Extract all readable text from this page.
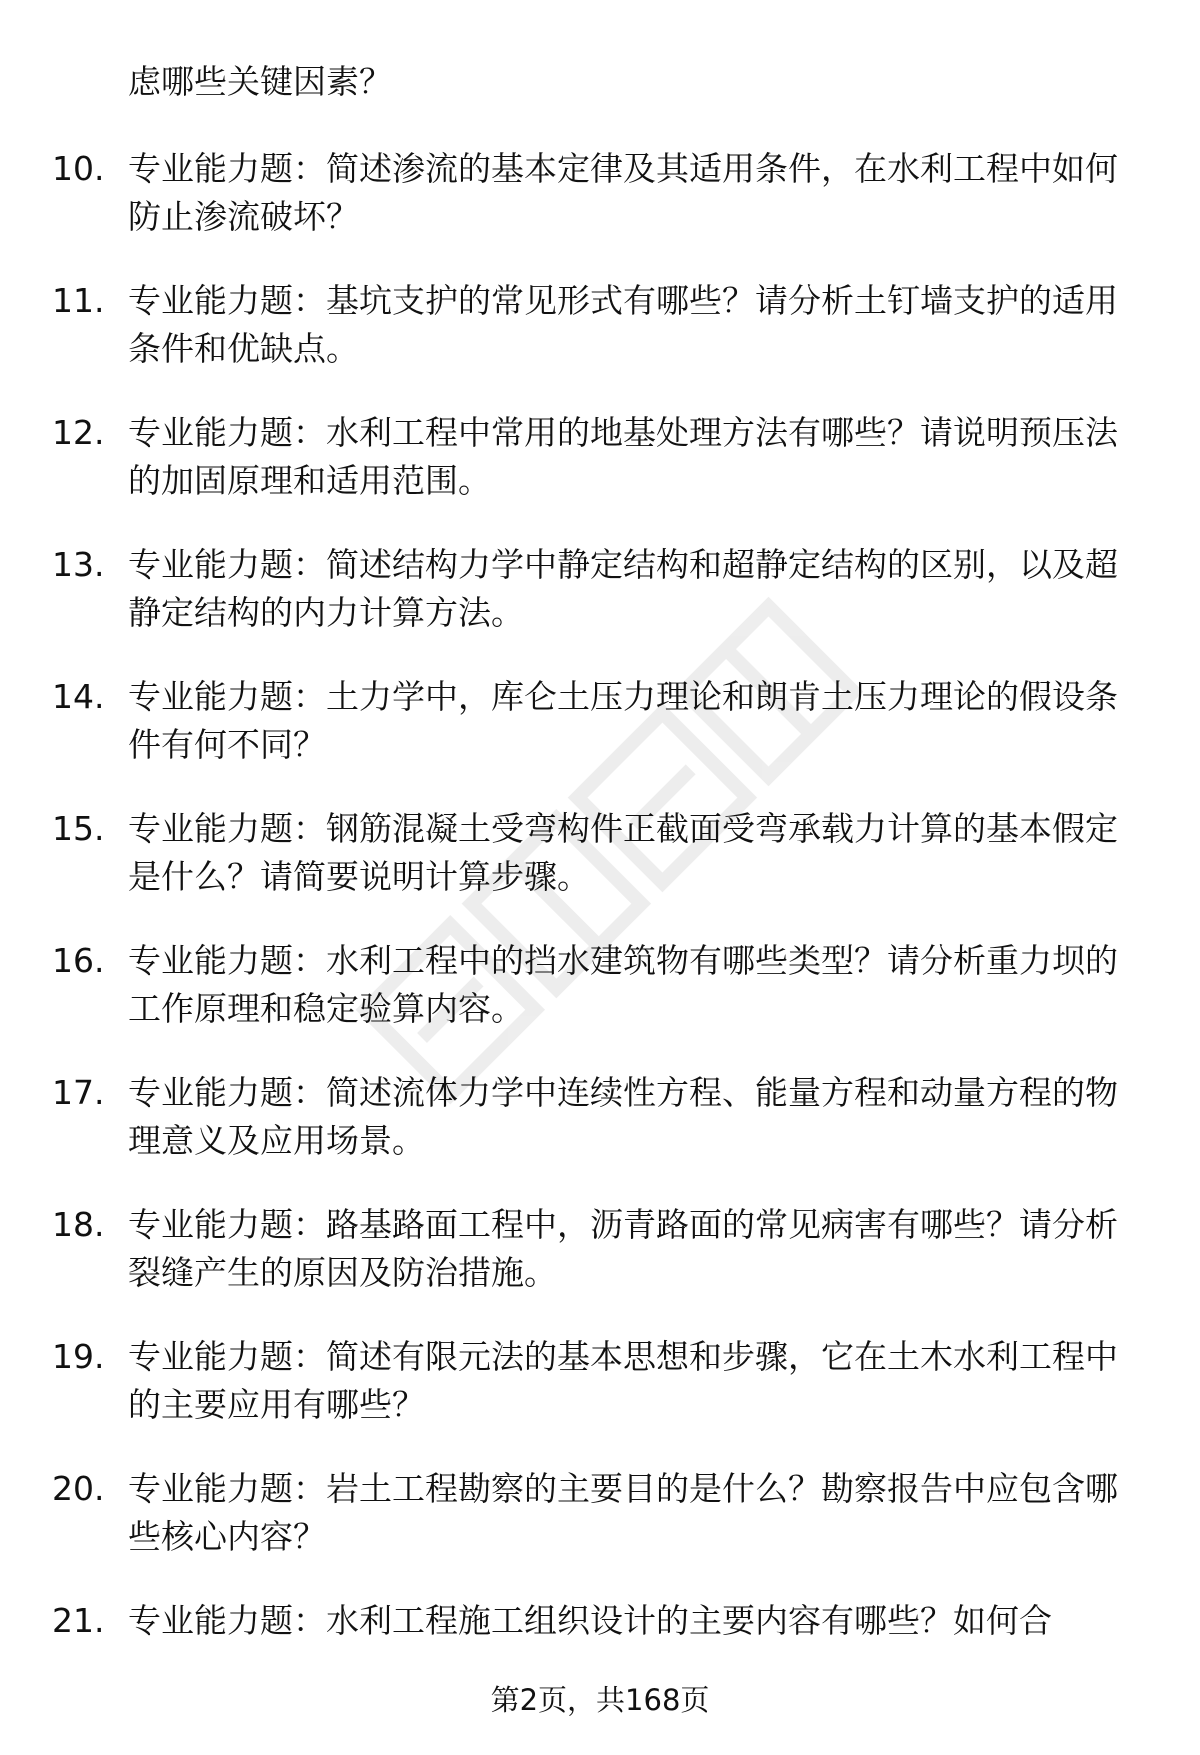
虑哪些关键因素？

10. 专业能力题：简述渗流的基本定律及其适用条件，在水利工程中如何防止渗流破坏？

11. 专业能力题：基坑支护的常见形式有哪些？请分析土钉墙支护的适用条件和优缺点。

12. 专业能力题：水利工程中常用的地基处理方法有哪些？请说明预压法的加固原理和适用范围。

13. 专业能力题：简述结构力学中静定结构和超静定结构的区别，以及超静定结构的内力计算方法。

14. 专业能力题：土力学中，库仑土压力理论和朗肯土压力理论的假设条件有何不同？

15. 专业能力题：钢筋混凝土受弯构件正截面受弯承载力计算的基本假定是什么？请简要说明计算步骤。

16. 专业能力题：水利工程中的挡水建筑物有哪些类型？请分析重力坝的工作原理和稳定验算内容。

17. 专业能力题：简述流体力学中连续性方程、能量方程和动量方程的物理意义及应用场景。

18. 专业能力题：路基路面工程中，沥青路面的常见病害有哪些？请分析裂缝产生的原因及防治措施。

19. 专业能力题：简述有限元法的基本思想和步骤，它在土木水利工程中的主要应用有哪些？

20. 专业能力题：岩土工程勘察的主要目的是什么？勘察报告中应包含哪些核心内容？

21. 专业能力题：水利工程施工组织设计的主要内容有哪些？如何合

第2页，共168页
